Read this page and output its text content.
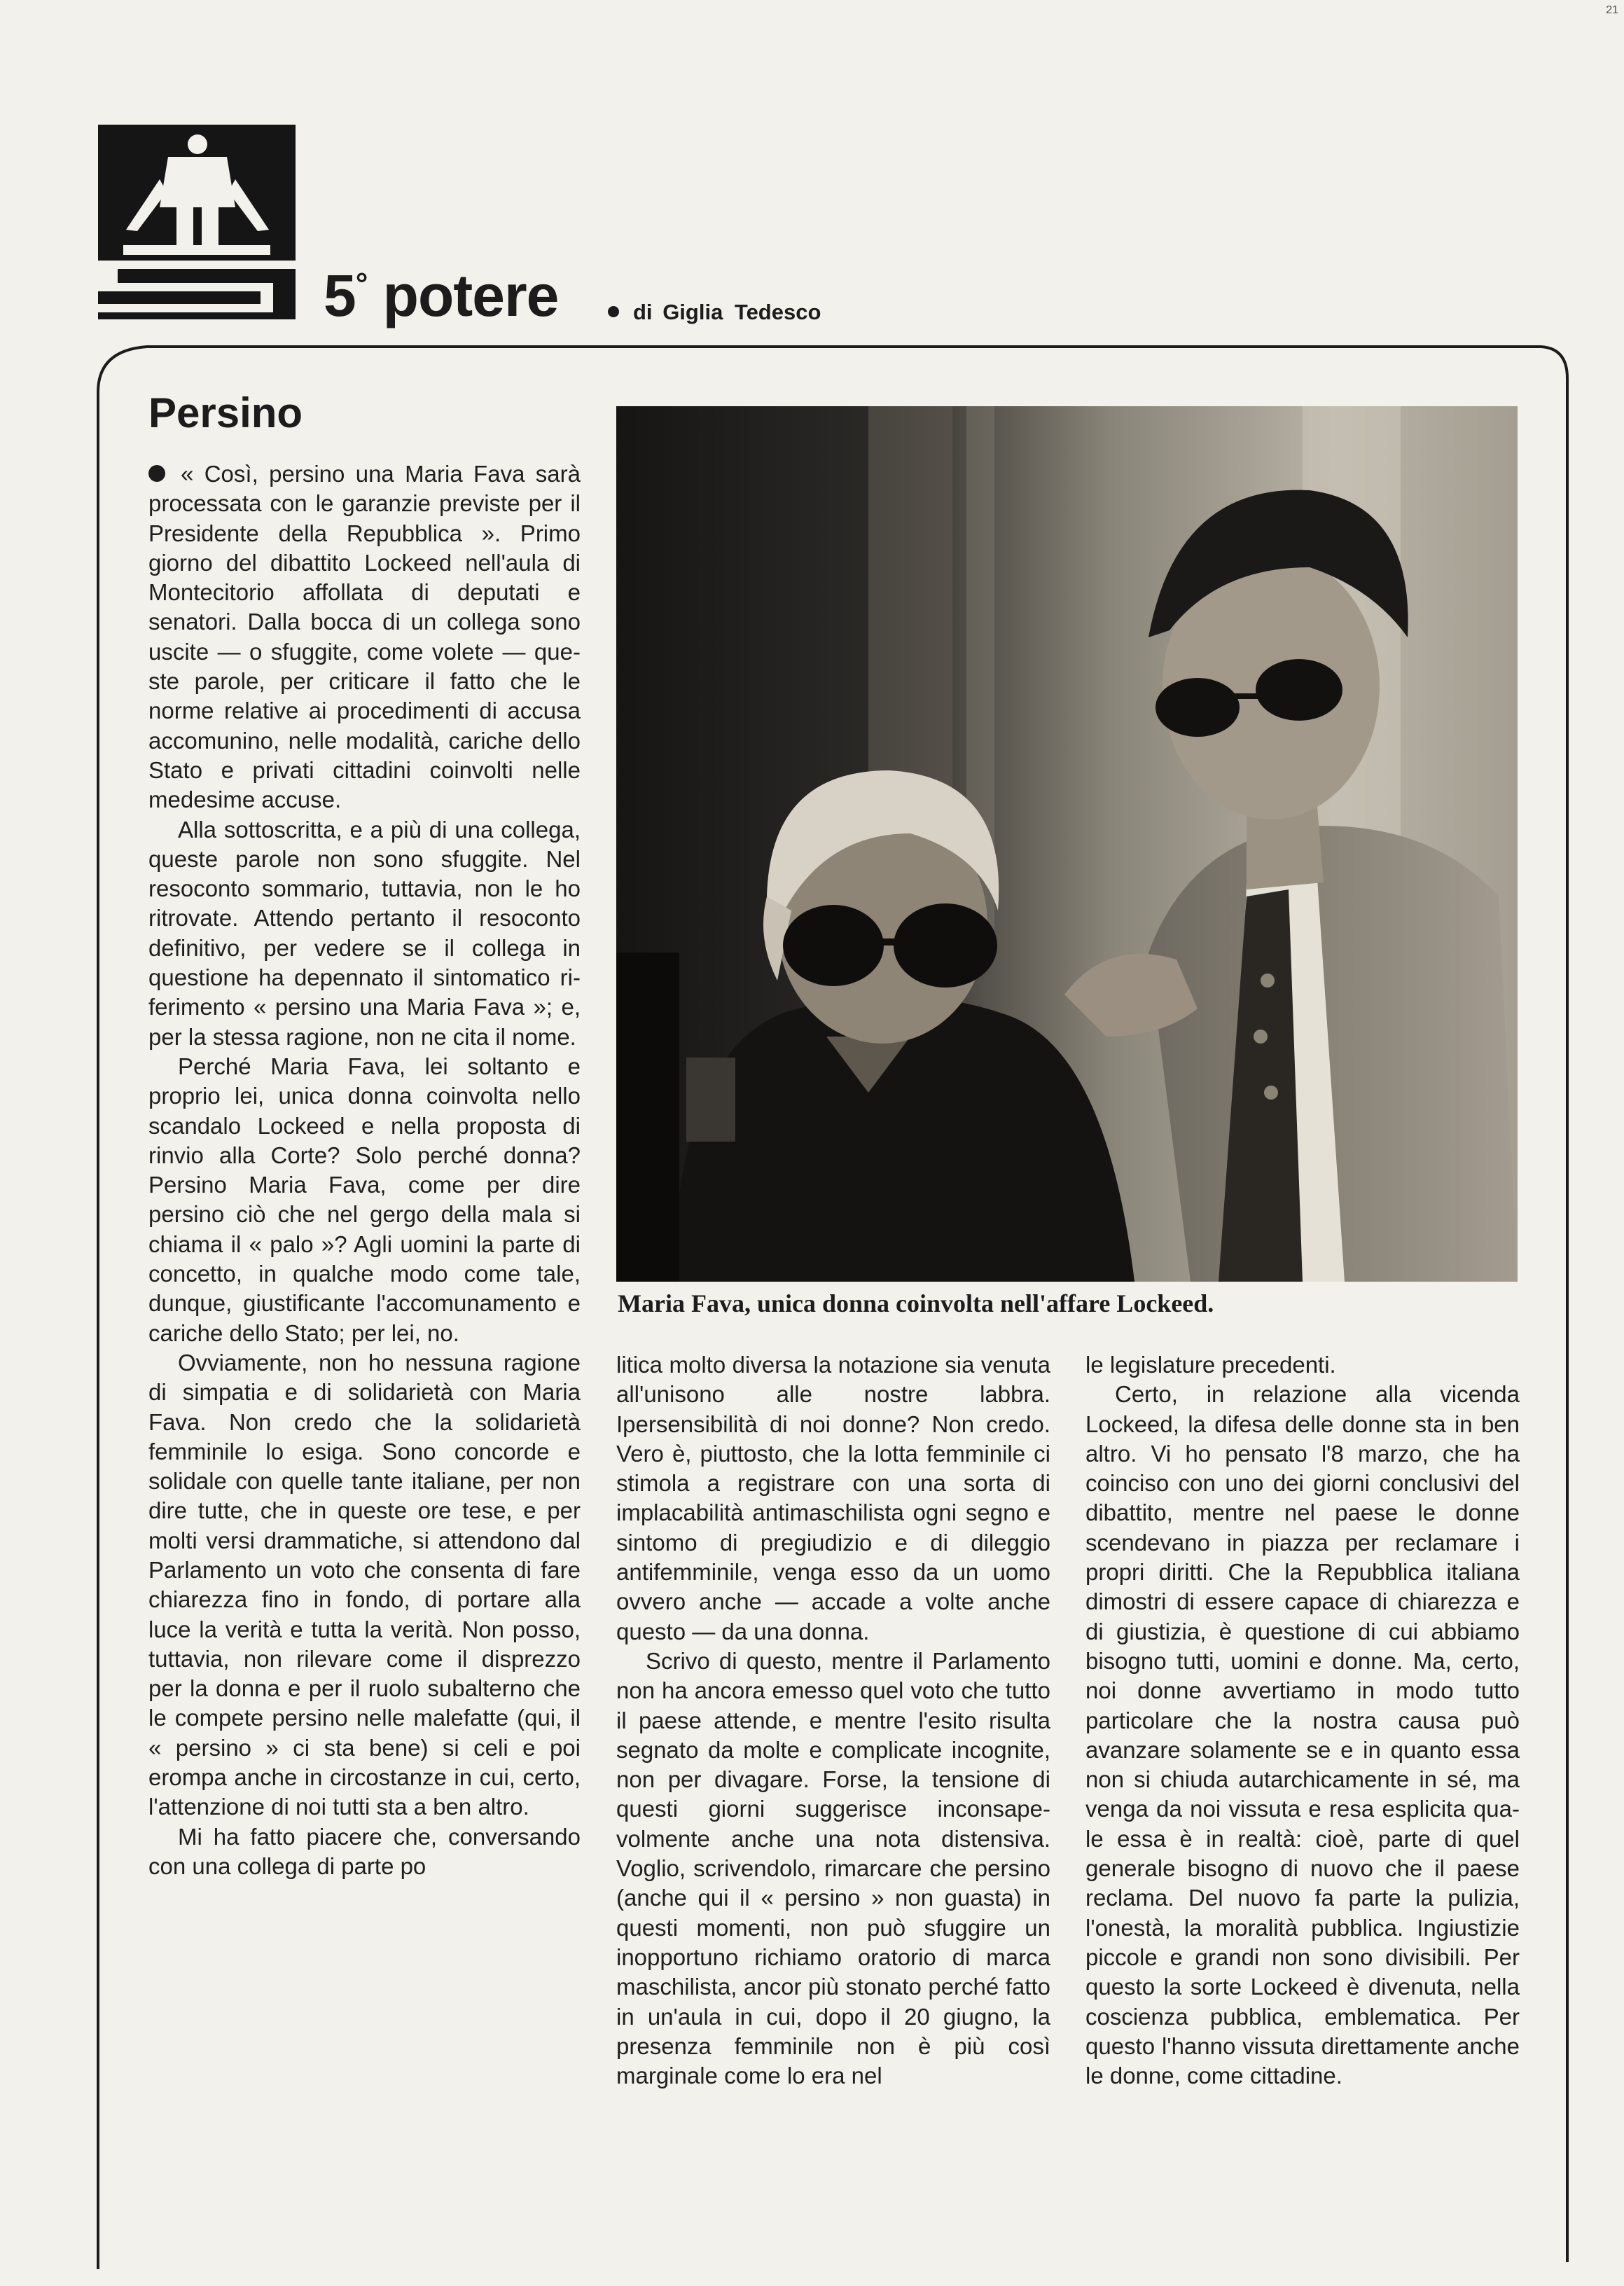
5° potere	di Giglia Tedesco
21
Persino

« Così, persino una Maria Fava sarà processata con le garanzie previste per il Presidente della Repubblica ». Primo giorno del dibattito Lockeed nell'aula di Montecitorio affollata di deputati e senatori. Dalla bocca di un collega sono uscite — o sfuggite, come volete — queste parole, per criticare il fatto che le norme relative ai procedimenti di accusa accomunino, nelle modalità, cariche dello Stato e privati cittadini coinvolti nelle medesime accuse.

Alla sottoscritta, e a più di una collega, queste parole non sono sfuggite. Nel resoconto sommario, tuttavia, non le ho ritrovate. Attendo pertanto il resoconto definitivo, per vedere se il collega in questione ha depennato il sintomatico riferimento « persino una Maria Fava »; e, per la stessa ragione, non ne cita il nome.

Perché Maria Fava, lei soltanto e proprio lei, unica donna coinvolta nello scandalo Lockeed e nella proposta di rinvio alla Corte? Solo perché donna? Persino Maria Fava, come per dire persino ciò che nel gergo della mala si chiama il « palo »? Agli uomini la parte di concetto, in qualche modo come tale, dunque, giustificante l'accomunamento e cariche dello Stato; per lei, no.

Ovviamente, non ho nessuna ragione di simpatia e di solidarietà con Maria Fava. Non credo che la solidarietà femminile lo esiga. Sono concorde e solidale con quelle tante italiane, per non dire tutte, che in queste ore tese, e per molti versi drammatiche, si attendono dal Parlamento un voto che consenta di fare chiarezza fino in fondo, di portare alla luce la verità e tutta la verità. Non posso, tuttavia, non rilevare come il disprezzo per la donna e per il ruolo subalterno che le compete persino nelle malefatte (qui, il « persino » ci sta bene) si celi e poi erompa anche in circostanze in cui, certo, l'attenzione di noi tutti sta a ben altro.

Mi ha fatto piacere che, conversando con una collega di parte po

Maria Fava, unica donna coinvolta nell'affare Lockeed.

litica molto diversa la notazione sia venuta all'unisono alle nostre labbra. Ipersensibilità di noi donne? Non credo. Vero è, piuttosto, che la lotta femminile ci stimola a registrare con una sorta di implacabilità antimaschilista ogni segno e sintomo di pregiudizio e di dileggio antifemminile, venga esso da un uomo ovvero anche — accade a volte anche questo — da una donna.

Scrivo di questo, mentre il Parlamento non ha ancora emesso quel voto che tutto il paese attende, e mentre l'esito risulta segnato da molte e complicate incognite, non per divagare. Forse, la tensione di questi giorni suggerisce inconsapevolmente anche una nota distensiva. Voglio, scrivendolo, rimarcare che persino (anche qui il « persino » non guasta) in questi momenti, non può sfuggire un inopportuno richiamo oratorio di marca maschilista, ancor più stonato perché fatto in un'aula in cui, dopo il 20 giugno, la presenza femminile non è più così marginale come lo era nel

le legislature precedenti.

Certo, in relazione alla vicenda Lockeed, la difesa delle donne sta in ben altro. Vi ho pensato l'8 marzo, che ha coinciso con uno dei giorni conclusivi del dibattito, mentre nel paese le donne scendevano in piazza per reclamare i propri diritti. Che la Repubblica italiana dimostri di essere capace di chiarezza e di giustizia, è questione di cui abbiamo bisogno tutti, uomini e donne. Ma, certo, noi donne avvertiamo in modo tutto particolare che la nostra causa può avanzare solamente se e in quanto essa non si chiuda autarchicamente in sé, ma venga da noi vissuta e resa esplicita quale essa è in realtà: cioè, parte di quel generale bisogno di nuovo che il paese reclama. Del nuovo fa parte la pulizia, l'onestà, la moralità pubblica. Ingiustizie piccole e grandi non sono divisibili. Per questo la sorte Lockeed è divenuta, nella coscienza pubblica, emblematica. Per questo l'hanno vissuta direttamente anche le donne, come cittadine.
